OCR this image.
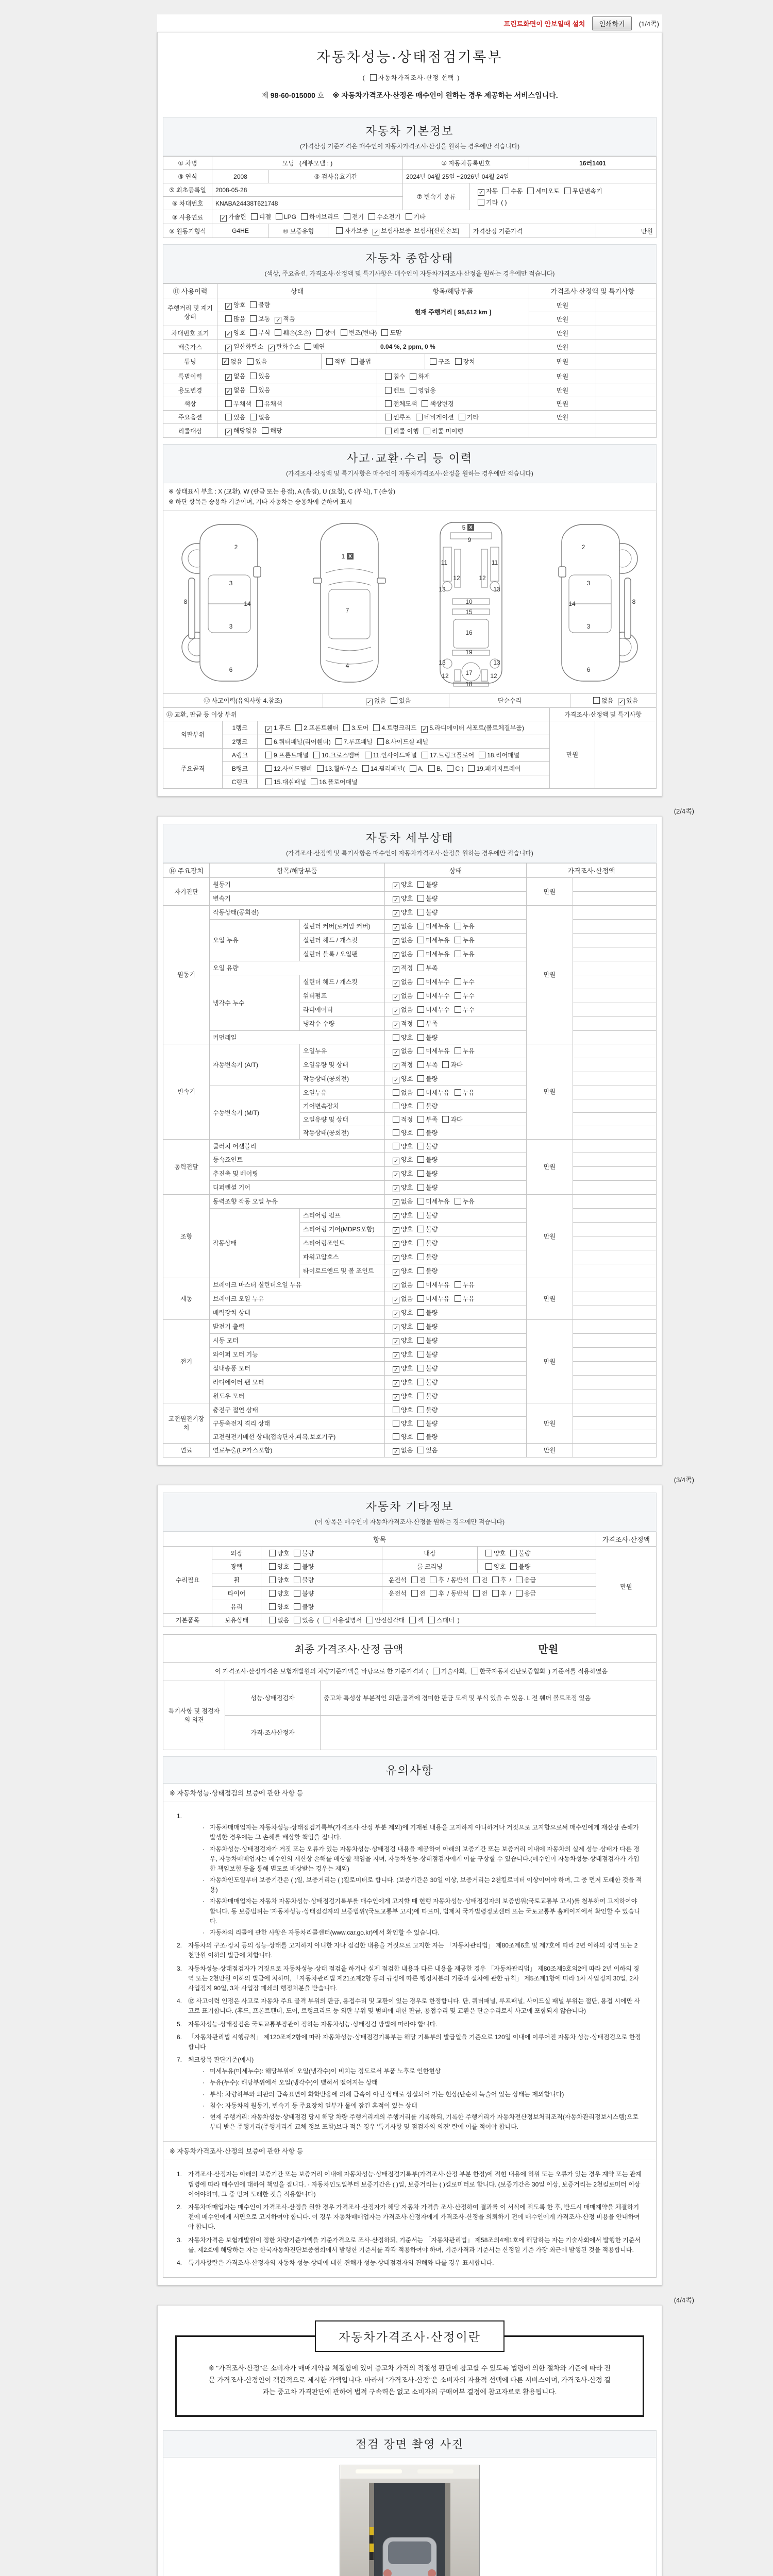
프린트화면이 안보일때 설치	인쇄하기	(1/4쪽)
자동차성능·상태점검기록부
( 자동차가격조사·산정 선택 )
제 98-60-015000 호 ※ 자동차가격조사·산정은 매수인이 원하는 경우 제공하는 서비스입니다.
자동차 기본정보
(가격산정 기준가격은 매수인이 자동차가격조사·산정을 원하는 경우에만 적습니다)
① 차명	모닝 (세부모델 : )			② 자동차등록번호		16러1401	
③ 연식	2008	④ 검사유효기간		2024년 04월 25일 ~2026년 04월 24일			
⑤ 최초등록일	2008-05-28			⑦ 변속기 종류	✓ 자동 수동 세미오토 무단변속기
기타 ( )		

⑥ 차대번호	KNABA24438T621748						
⑧ 사용연료	✓ 가솔린 디젤 LPG 하이브리드 전기 수소전기 기타						
⑨ 원동기형식	G4HE	⑩ 보증유형	자가보증 ✓ 보험사보증 보험사[신한손보]		가격산정 기준가격		만원
자동차 종합상태
(색상, 주요옵션, 가격조사·산정액 및 특기사항은 매수인이 자동차가격조사·산정을 원하는 경우에만 적습니다)
⑪ 사용이력	상태	항목/해당부품	가격조사·산정액 및 특기사항	
주행거리 및 계기상태	✓ 양호 불량	현재 주행거리 [ 95,612 km ]	만원	
	많음 보통 ✓ 적음		만원	
차대번호 표기	✓ 양호 부식 훼손(오손) 상이 변조(변타) 도말		만원	
배출가스	✓ 일산화탄소 ✓ 탄화수소 매연	0.04 %, 2 ppm, 0 %	만원	
튜닝	✓ 없음 있음	적법 불법	구조 장치	만원	
특별이력	✓ 없음 있음	침수 화재	만원	
용도변경	✓ 없음 있음	렌트 영업용	만원	
색상	무채색 유채색	전체도색 색상변경	만원	
주요옵션	있음 없음	썬루프 네비게이션 기타	만원	
리콜대상	✓ 해당없음 해당	리콜 이행 리콜 미이행		
사고·교환·수리 등 이력
(가격조사·산정액 및 특기사항은 매수인이 자동차가격조사·산정을 원하는 경우에만 적습니다)
※ 상태표시 부호 : X (교환), W (판금 또는 용접), A (흠집), U (요철), C (부식), T (손상)
※ 하단 항목은 승용차 기준이며, 기타 자동차는 승용차에 준하여 표시
2
8
3
14
3
6
1 X
7
4
5 X
9
11	11
12	12
13	13
10
15
16
19
13	13
12	12
17
18
2
3
14
3
8
6
⑫ 사고이력(유의사항 4.참조)	✓ 없음 있음	단순수리	없음 ✓ 있음
⑬ 교환, 판금 등 이상 부위			가격조사·산정액 및 특기사항	
외판부위	1랭크	✓ 1.후드 2.프론트휀더 3.도어 4.트렁크리드 ✓ 5.라디에이터 서포트(볼트체결부품)	만원	
	2랭크	6.쿼터패널(리어휀더) 7.루프패널 8.사이드실 패널		
주요골격	A랭크	9.프론트패널 10.크로스멤버 11.인사이드패널 17.트렁크플로어 18.리어패널		
	B랭크	12.사이드멤버 13.휠하우스 14.필러패널( A, B, C ) 19.패키지트레이		
	C랭크	15.대쉬패널 16.플로어패널		
(2/4쪽)
자동차 세부상태
(가격조사·산정액 및 특기사항은 매수인이 자동차가격조사·산정을 원하는 경우에만 적습니다)
⑭ 주요장치	항목/해당부품		상태	가격조사·산정액	
자기진단	원동기		✓ 양호 불량	만원	
	변속기		✓ 양호 불량		
원동기	작동상태(공회전)		✓ 양호 불량	만원	
	오일 누유	실린더 커버(로커암 커버)	✓ 없음 미세누유 누유		
		실린더 헤드 / 개스킷	✓ 없음 미세누유 누유		
		실린더 블록 / 오일팬	✓ 없음 미세누유 누유		
	오일 유량		✓ 적정 부족		
	냉각수 누수	실린더 헤드 / 개스킷	✓ 없음 미세누수 누수		
		워터펌프	✓ 없음 미세누수 누수		
		라디에이터	✓ 없음 미세누수 누수		
		냉각수 수량	✓ 적정 부족		
	커먼레일		양호 불량		
변속기	자동변속기 (A/T)	오일누유	✓ 없음 미세누유 누유	만원	
		오일유량 및 상태	✓ 적정 부족 과다		
		작동상태(공회전)	✓ 양호 불량		
	수동변속기 (M/T)	오일누유	없음 미세누유 누유		
		기어변속장치	양호 불량		
		오일유량 및 상태	적정 부족 과다		
		작동상태(공회전)	양호 불량		
동력전달	클러치 어셈블리		양호 불량	만원	
	등속죠인트		✓ 양호 불량		
	추진축 및 베어링		✓ 양호 불량		
	디퍼렌셜 기어		✓ 양호 불량		
조향	동력조향 작동 오일 누유		✓ 없음 미세누유 누유	만원	
	작동상태	스티어링 펌프	✓ 양호 불량		
		스티어링 기어(MDPS포함)	✓ 양호 불량		
		스티어링조인트	✓ 양호 불량		
		파워고압호스	✓ 양호 불량		
		타이로드엔드 및 볼 죠인트	✓ 양호 불량		
제동	브레이크 마스터 실린더오일 누유		✓ 없음 미세누유 누유	만원	
	브레이크 오일 누유		✓ 없음 미세누유 누유		
	배력장치 상태		✓ 양호 불량		
전기	발전기 출력		✓ 양호 불량	만원	
	시동 모터		✓ 양호 불량		
	와이퍼 모터 기능		✓ 양호 불량		
	실내송풍 모터		✓ 양호 불량		
	라디에이터 팬 모터		✓ 양호 불량		
	윈도우 모터		✓ 양호 불량		
고전원전기장치	충전구 절연 상태		양호 불량	만원	
	구동축전지 격리 상태		양호 불량		
	고전원전기배선 상태(접속단자,피복,보호기구)		양호 불량		
연료	연료누출(LP가스포함)		✓ 없음 있음	만원	
(3/4쪽)
자동차 기타정보
(이 항목은 매수인이 자동차가격조사·산정을 원하는 경우에만 적습니다)
항목					가격조사·산정액
수리필요	외장	양호 불량	내장	양호 불량	만원
	광택	양호 불량	룸 크리닝	양호 불량	
	휠	양호 불량	운전석 전 후 / 동반석 전 후 / 응급		
	타이어	양호 불량	운전석 전 후 / 동반석 전 후 / 응급		
	유리	양호 불량			
기본품목	보유상태	없음 있음 ( 사용설명서 안전삼각대 잭 스패너 )			
최종 가격조사·산정 금액	만원
이 가격조사·산정가격은 보험개발원의 차량기준가액을 바탕으로 한 기준가격과 ( 기술사회, 한국자동차진단보증협회 ) 기준서를 적용하였음
특기사항 및 점검자의 의견	성능·상태점검자	중고차 특성상 부분적인 외판,골격에 경미한 판금 도색 및 부식 있을 수 있음. L 전 휀더 볼트조정 있음
	가격·조사산정자	
유의사항
※ 자동차성능·상태점검의 보증에 관한 사항 등
1.
· 자동차매매업자는 자동차성능·상태점검기록부(가격조사·산정 부분 제외)에 기재된 내용을 고지하지 아니하거나 거짓으로 고지함으로써 매수인에게 재산상 손해가 발생한 경우에는 그 손해를 배상할 책임을 집니다.
· 자동차성능·상태점검자가 거짓 또는 오류가 있는 자동차성능·상태점검 내용을 제공하여 아래의 보증기간 또는 보증거리 이내에 자동차의 실제 성능·상태가 다른 경우, 자동차매매업자는 매수인의 재산상 손해를 배상할 책임을 지며, 자동차성능·상태점검자에게 이를 구상할 수 있습니다.(매수인이 자동차성능·상태점검자가 가입한 책임보험 등을 통해 별도로 배상받는 경우는 제외)
· 자동차인도일부터 보증기간은 ( )일, 보증거리는 ( )킬로미터로 합니다. (보증기간은 30일 이상, 보증거리는 2천킬로미터 이상이어야 하며, 그 중 먼저 도래한 것을 적용)
· 자동차매매업자는 자동차 자동차성능·상태점검기록부를 매수인에게 고지할 때 현행 자동차성능·상태점검자의 보증범위(국토교통부 고시)를 첨부하여 고지하여야 합니다. 동 보증범위는 '자동차성능·상태점검자의 보증범위'(국토교통부 고시)에 따르며, 법제처 국가법령정보센터 또는 국토교통부 홈페이지에서 확인할 수 있습니다.
· 자동차의 리콜에 관한 사항은 자동차리콜센터(www.car.go.kr)에서 확인할 수 있습니다.
2. 자동차의 구조·장치 등의 성능·상태를 고지하지 아니한 자나 점검한 내용을 거짓으로 고지한 자는 「자동차관리법」 제80조제6호 및 제7호에 따라 2년 이하의 징역 또는 2천만원 이하의 벌금에 처합니다.
3. 자동차성능·상태점검자가 거짓으로 자동차성능·상태 점검을 하거나 실제 점검한 내용과 다른 내용을 제공한 경우 「자동차관리법」 제80조제9호의2에 따라 2년 이하의 징역 또는 2천만원 이하의 벌금에 처하며, 「자동차관리법 제21조제2항 등의 규정에 따른 행정처분의 기준과 절차에 관한 규칙」 제5조제1항에 따라 1차 사업정지 30일, 2차 사업정지 90일, 3차 사업장 폐쇄의 행정처분을 받습니다.
4. ⑫ 사고이력 인정은 사고로 자동차 주요 골격 부위의 판금, 용접수리 및 교환이 있는 경우로 한정합니다. 단, 쿼터패널, 루프패널, 사이드실 패널 부위는 절단, 용접 시에만 사고로 표기합니다. (후드, 프론트펜더, 도어, 트렁크리드 등 외판 부위 및 범퍼에 대한 판금, 용접수리 및 교환은 단순수리로서 사고에 포함되지 않습니다)
5. 자동차성능·상태점검은 국토교통부장관이 정하는 자동차성능·상태점검 방법에 따라야 합니다.
6. 「자동차관리법 시행규칙」 제120조제2항에 따라 자동차성능·상태점검기록부는 해당 기록부의 발급일을 기준으로 120일 이내에 이루어진 자동차 성능·상태점검으로 한정합니다
7. 체크항목 판단기준(예시)
· 미세누유(미세누수): 해당부위에 오일(냉각수)이 비치는 정도로서 부품 노후로 인한현상
· 누유(누수): 해당부위에서 오일(냉각수)이 맺혀서 떨어지는 상태
· 부식: 차량하부와 외판의 금속표면이 화학반응에 의해 금속이 아닌 상태로 상실되어 가는 현상(단순히 녹슬어 있는 상태는 제외합니다)
· 침수: 자동차의 원동기, 변속기 등 주요장치 일부가 물에 잠긴 흔적이 있는 상태
· 현재 주행거리: 자동차성능·상태점검 당시 해당 차량 주행거리계의 주행거리를 기록하되, 기록한 주행거리가 자동차전산정보처리조직(자동차관리정보시스템)으로부터 받은 주행거리(주행거리계 교체 정보 포함)보다 적은 경우 '특기사항 및 점검자의 의견' 란에 이를 적어야 합니다.
※ 자동차가격조사·산정의 보증에 관한 사항 등
1. 가격조사·산정자는 아래의 보증기간 또는 보증거리 이내에 자동차성능·상태점검기록부(가격조사·산정 부분 한정)에 적힌 내용에 허위 또는 오류가 있는 경우 계약 또는 관계법령에 따라 매수인에 대하여 책임을 집니다. · 자동차인도일부터 보증기간은 ( )일, 보증거리는 ( )킬로미터로 합니다. (보증기간은 30일 이상, 보증거리는 2천킬로미터 이상이어야하며, 그 중 먼저 도래한 것을 적용합니다)
2. 자동차매매업자는 매수인이 가격조사·산정을 원할 경우 가격조사·산정자가 해당 자동차 가격을 조사·산정하여 결과를 이 서식에 적도록 한 후, 반드시 매매계약을 체결하기 전에 매수인에게 서면으로 고지하여야 합니다. 이 경우 자동차매매업자는 가격조사·산정자에게 가격조사·산정을 의뢰하기 전에 매수인에게 가격조사·산정 비용을 안내하여야 합니다.
3. 자동차가격은 보험개발원이 정한 차량기준가액을 기준가격으로 조사·산정하되, 기준서는 「자동차관리법」 제58조의4제1호에 해당하는 자는 기술사회에서 발행한 기준서를, 제2호에 해당하는 자는 한국자동차진단보증협회에서 발행한 기준서를 각각 적용하여야 하며, 기준가격과 기준서는 산정일 기준 가장 최근에 발행된 것을 적용합니다.
4. 특기사항란은 가격조사·산정자의 자동차 성능·상태에 대한 견해가 성능·상태점검자의 견해와 다를 경우 표시합니다.
(4/4쪽)
자동차가격조사·산정이란
※ "가격조사·산정"은 소비자가 매매계약을 체결함에 있어 중고차 가격의 적절성 판단에 참고할 수 있도록 법령에 의한 절차와 기준에 따라 전문 가격조사·산정인이 객관적으로 제시한 가액입니다. 따라서 "가격조사·산정"은 소비자의 자율적 선택에 따른 서비스이며, 가격조사·산정 결과는 중고차 가격판단에 관하여 법적 구속력은 없고 소비자의 구매여부 결정에 참고자료로 활용됩니다.
점검 장면 촬영 사진
